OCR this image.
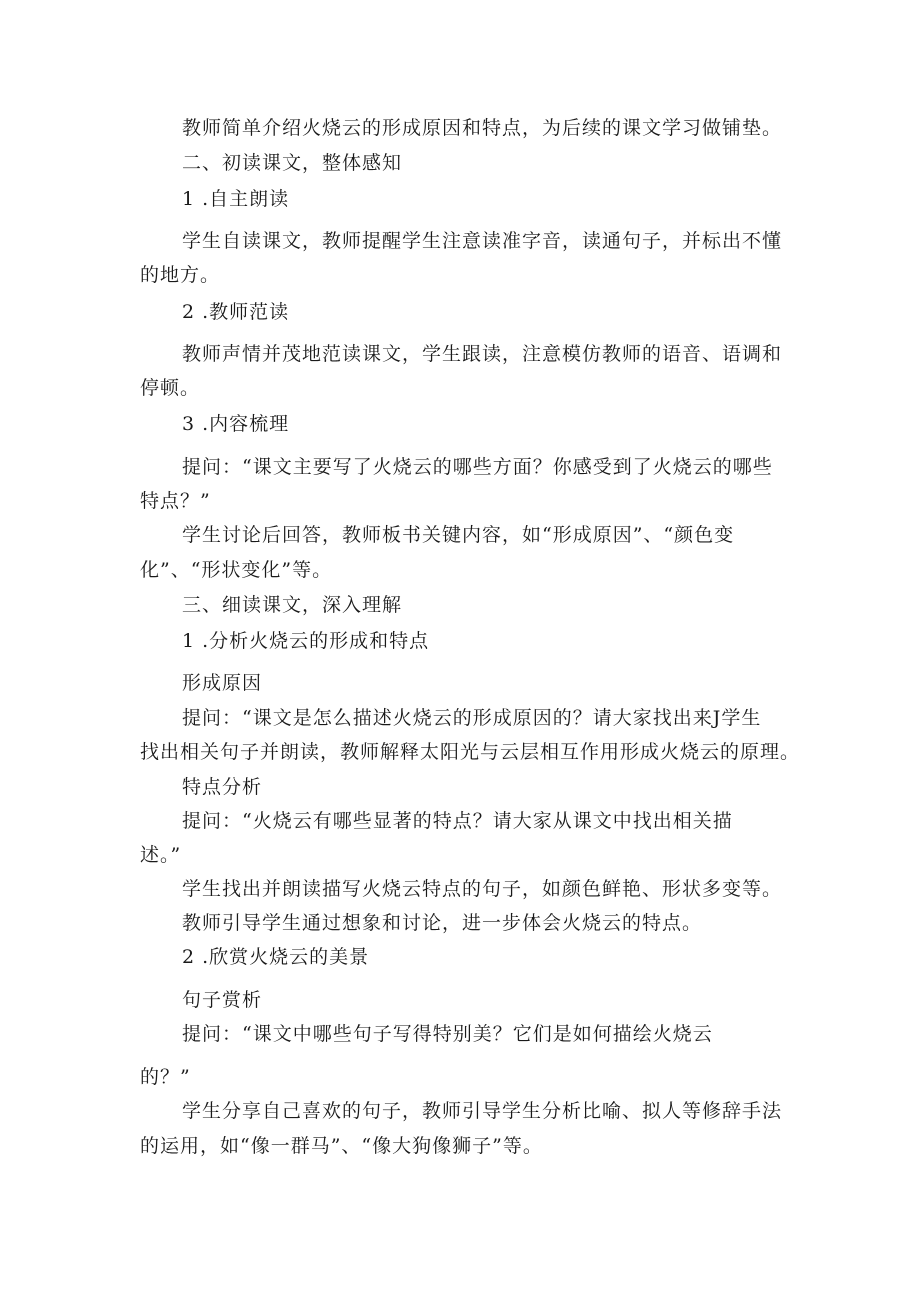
教师简单介绍火烧云的形成原因和特点，为后续的课文学习做铺垫。
二、初读课文，整体感知
1 .自主朗读
学生自读课文，教师提醒学生注意读准字音，读通句子，并标出不懂
的地方。
2 .教师范读
教师声情并茂地范读课文，学生跟读，注意模仿教师的语音、语调和
停顿。
3 .内容梳理
提问：“课文主要写了火烧云的哪些方面？你感受到了火烧云的哪些
特点？”
学生讨论后回答，教师板书关键内容，如“形成原因”、“颜色变
化”、“形状变化”等。
三、细读课文，深入理解
1 .分析火烧云的形成和特点
形成原因
提问：“课文是怎么描述火烧云的形成原因的？请大家找出来J学生
找出相关句子并朗读，教师解释太阳光与云层相互作用形成火烧云的原理。
特点分析
提问：“火烧云有哪些显著的特点？请大家从课文中找出相关描
述。”
学生找出并朗读描写火烧云特点的句子，如颜色鲜艳、形状多变等。
教师引导学生通过想象和讨论，进一步体会火烧云的特点。
2 .欣赏火烧云的美景
句子赏析
提问：“课文中哪些句子写得特别美？它们是如何描绘火烧云
的？”
学生分享自己喜欢的句子，教师引导学生分析比喻、拟人等修辞手法
的运用，如“像一群马”、“像大狗像狮子”等。
